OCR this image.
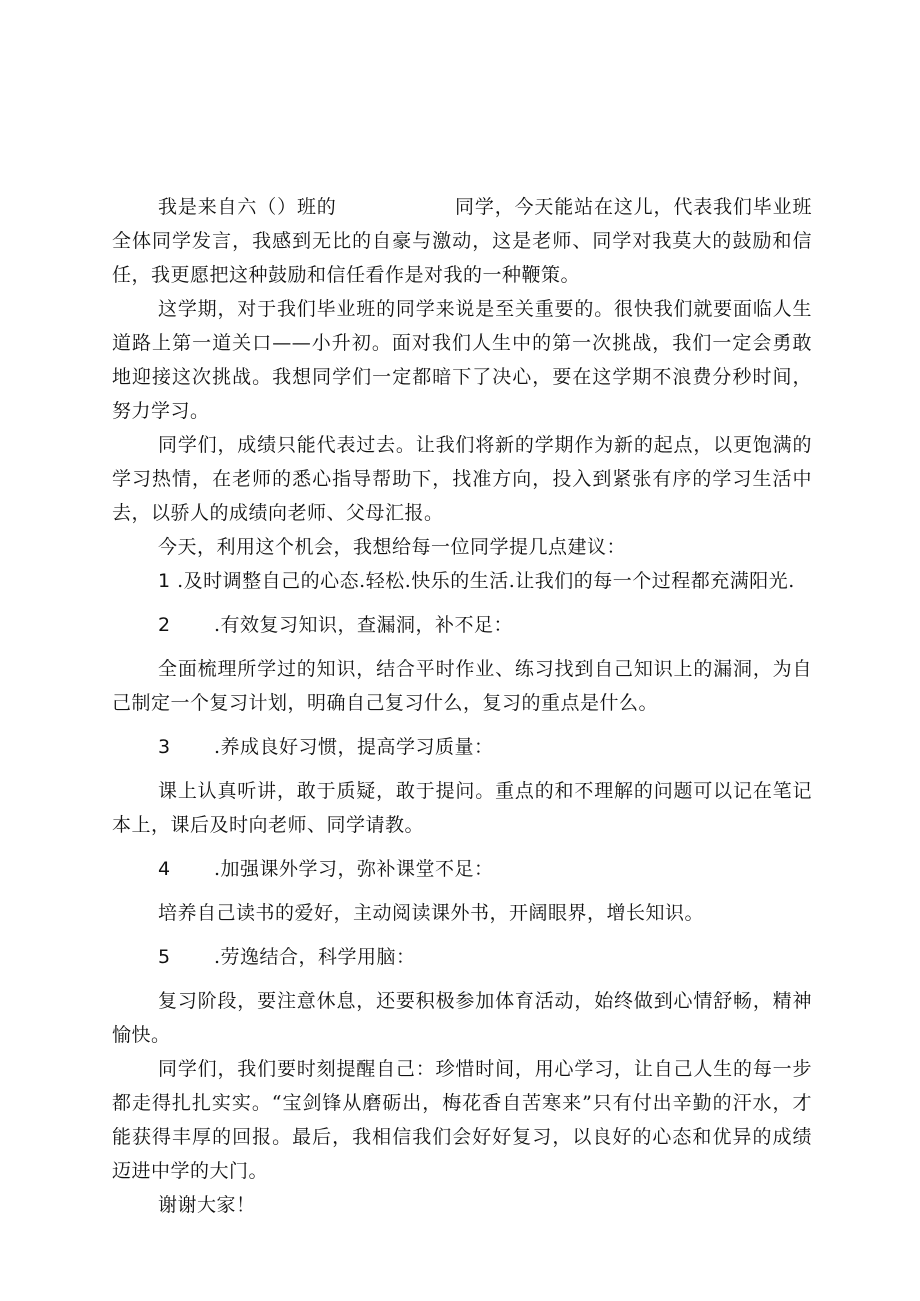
我是来自六（）班的	同学，今天能站在这儿，代表我们毕业班全体同学发言，我感到无比的自豪与激动，这是老师、同学对我莫大的鼓励和信任，我更愿把这种鼓励和信任看作是对我的一种鞭策。

这学期，对于我们毕业班的同学来说是至关重要的。很快我们就要面临人生道路上第一道关口——小升初。面对我们人生中的第一次挑战，我们一定会勇敢地迎接这次挑战。我想同学们一定都暗下了决心，要在这学期不浪费分秒时间，努力学习。

同学们，成绩只能代表过去。让我们将新的学期作为新的起点，以更饱满的学习热情，在老师的悉心指导帮助下，找准方向，投入到紧张有序的学习生活中去，以骄人的成绩向老师、父母汇报。

今天，利用这个机会，我想给每一位同学提几点建议：

1 .及时调整自己的心态.轻松.快乐的生活.让我们的每一个过程都充满阳光.

2 .有效复习知识，查漏洞，补不足：

全面梳理所学过的知识，结合平时作业、练习找到自己知识上的漏洞，为自己制定一个复习计划，明确自己复习什么，复习的重点是什么。

3 .养成良好习惯，提高学习质量：

课上认真听讲，敢于质疑，敢于提问。重点的和不理解的问题可以记在笔记本上，课后及时向老师、同学请教。

4 .加强课外学习，弥补课堂不足：

培养自己读书的爱好，主动阅读课外书，开阔眼界，增长知识。

5 .劳逸结合，科学用脑：

复习阶段，要注意休息，还要积极参加体育活动，始终做到心情舒畅，精神愉快。

同学们，我们要时刻提醒自己：珍惜时间，用心学习，让自己人生的每一步都走得扎扎实实。“宝剑锋从磨砺出，梅花香自苦寒来”只有付出辛勤的汗水，才能获得丰厚的回报。最后，我相信我们会好好复习，以良好的心态和优异的成绩迈进中学的大门。

谢谢大家！
